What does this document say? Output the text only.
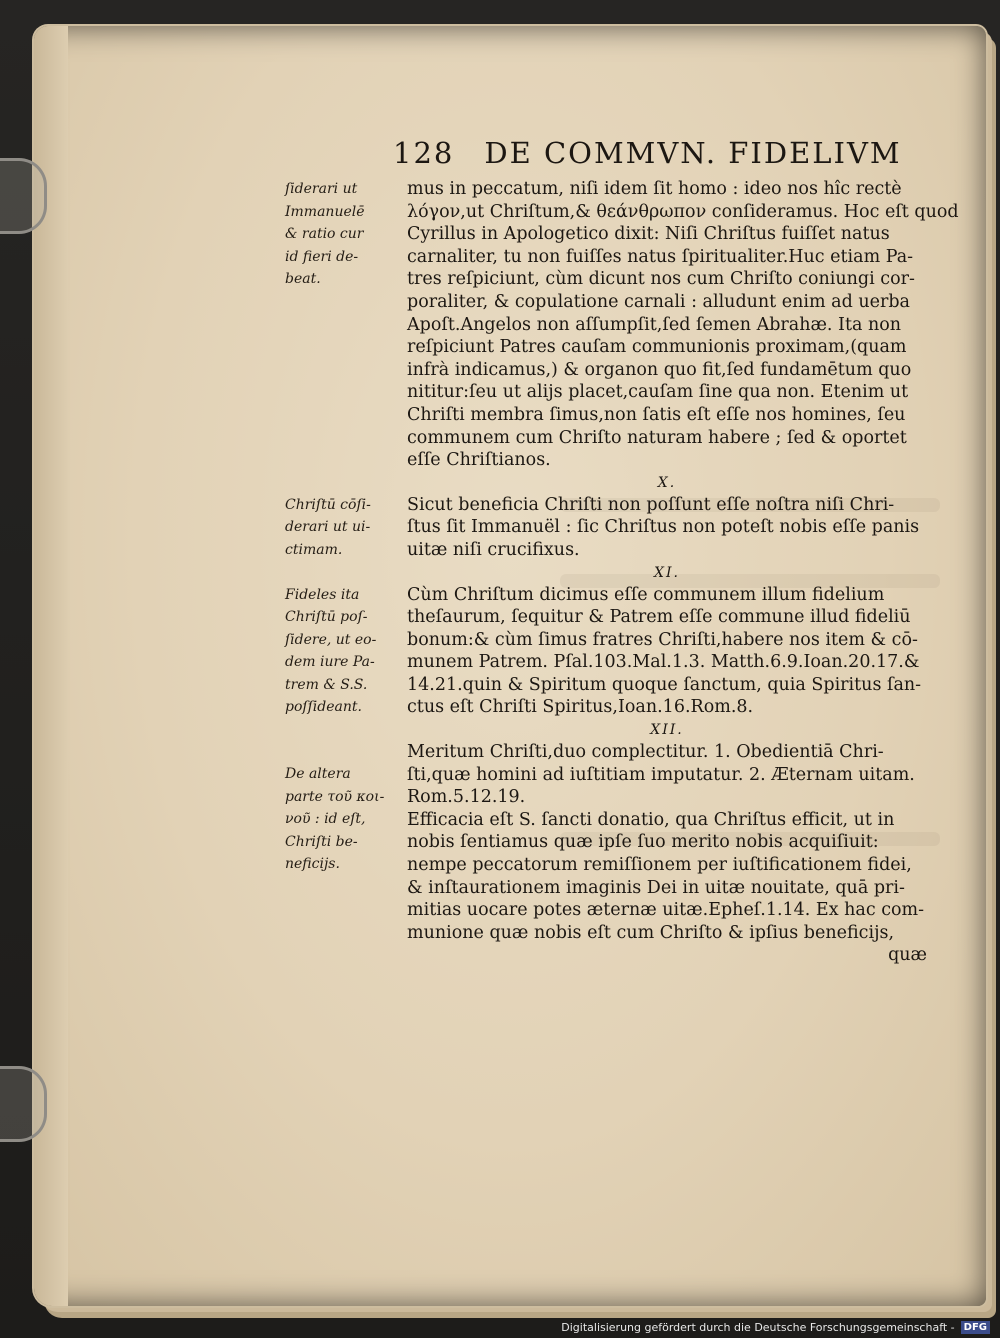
128 DE COMMVN. FIDELIVM
ſiderari ut
Immanuelē
& ratio cur
id fieri de-
beat.
mus in peccatum, niſi idem ſit homo : ideo nos hîc rectè
λόγον,ut Chriſtum,& θεάνθρωπον conſideramus. Hoc eſt quod
Cyrillus in Apologetico dixit: Niſi Chriſtus fuiſſet natus
carnaliter, tu non fuiſſes natus ſpiritualiter.Huc etiam Pa-
tres reſpiciunt, cùm dicunt nos cum Chriſto coniungi cor-
poraliter, & copulatione carnali : alludunt enim ad uerba
Apoſt.Angelos non aſſumpſit,ſed ſemen Abrahæ. Ita non
reſpiciunt Patres cauſam communionis proximam,(quam
infrà indicamus,) & organon quo fit,ſed fundamētum quo
nititur:ſeu ut alijs placet,cauſam ſine qua non. Etenim ut
Chriſti membra ſimus,non ſatis eſt eſſe nos homines, ſeu
communem cum Chriſto naturam habere ; ſed & oportet
eſſe Chriſtianos.
X.
Chriſtū cōſi-
derari ut ui-
ctimam.
Sicut beneficia Chriſti non poſſunt eſſe noſtra niſi Chri-
ſtus ſit Immanuël : ſic Chriſtus non poteſt nobis eſſe panis
uitæ niſi crucifixus.
XI.
Fideles ita
Chriſtū poſ-
ſidere, ut eo-
dem iure Pa-
trem & S.S.
poſſideant.
Cùm Chriſtum dicimus eſſe communem illum fidelium
theſaurum, ſequitur & Patrem eſſe commune illud fideliū
bonum:& cùm ſimus fratres Chriſti,habere nos item & cō-
munem Patrem. Pſal.103.Mal.1.3. Matth.6.9.Ioan.20.17.&
14.21.quin & Spiritum quoque ſanctum, quia Spiritus ſan-
ctus eſt Chriſti Spiritus,Ioan.16.Rom.8.
XII.
De altera
parte τοῦ κοι-
νοῦ : id eſt,
Chriſti be-
neficijs.
Meritum Chriſti,duo complectitur. 1. Obedientiā Chri-
ſti,quæ homini ad iuſtitiam imputatur. 2. Æternam uitam.
Rom.5.12.19.
Efficacia eſt S. ſancti donatio, qua Chriſtus efficit, ut in
nobis ſentiamus quæ ipſe ſuo merito nobis acquiſiuit:
nempe peccatorum remiſſionem per iuſtificationem fidei,
& inſtaurationem imaginis Dei in uitæ nouitate, quā pri-
mitias uocare potes æternæ uitæ.Epheſ.1.14. Ex hac com-
munione quæ nobis eſt cum Chriſto & ipſius beneficijs,
quæ
Digitalisierung gefördert durch die Deutsche Forschungsgemeinschaft - DFG
